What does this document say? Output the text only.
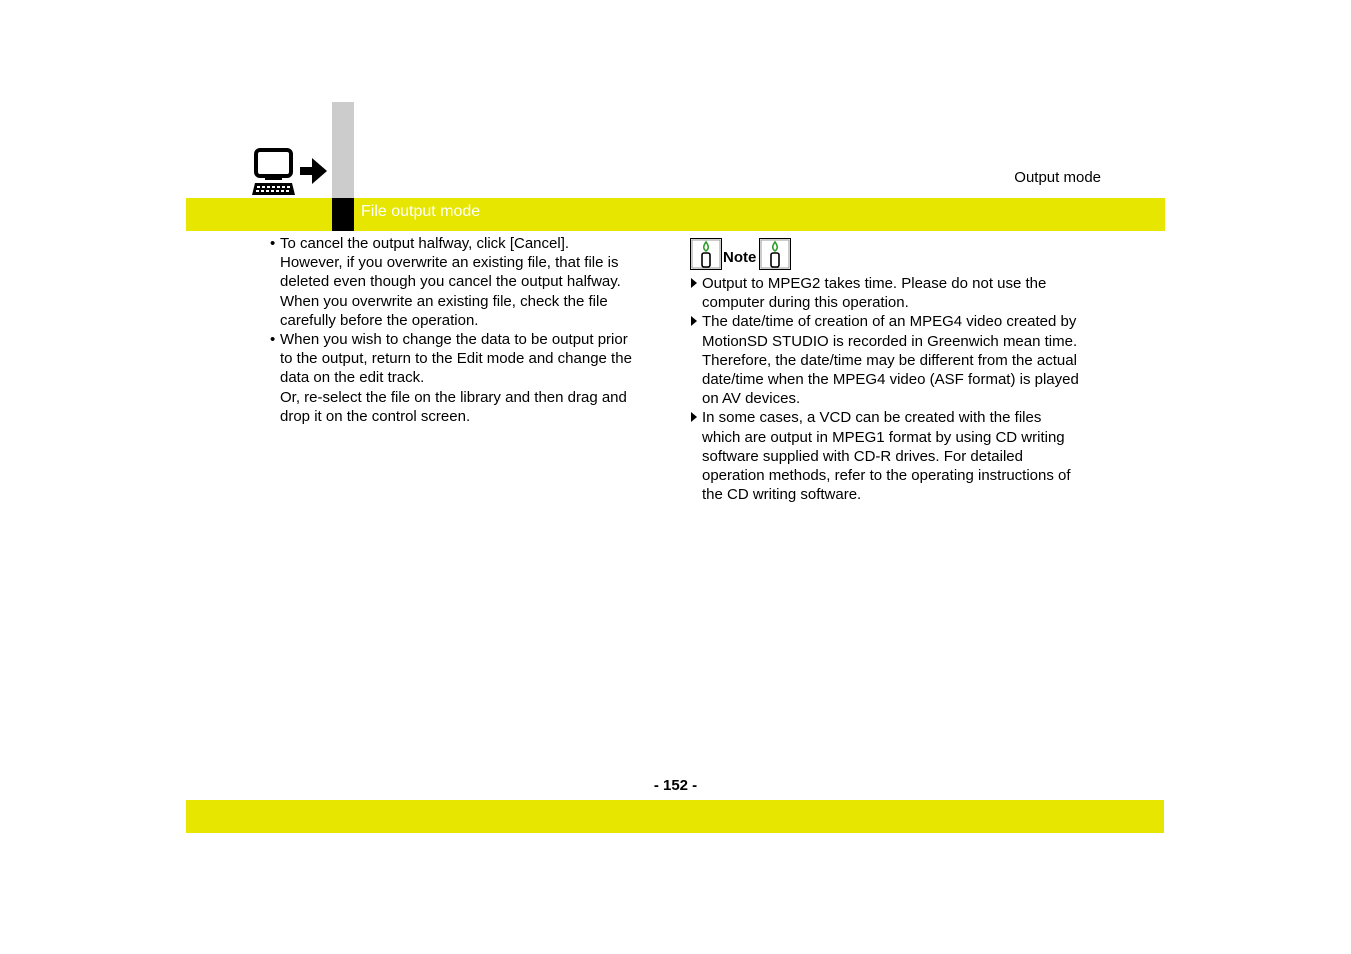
Output mode
File output mode
• To cancel the output halfway, click [Cancel].
However, if you overwrite an existing file, that file is
deleted even though you cancel the output halfway.
When you overwrite an existing file, check the file
carefully before the operation.
• When you wish to change the data to be output prior
to the output, return to the Edit mode and change the
data on the edit track.
Or, re-select the file on the library and then drag and
drop it on the control screen.
Note
Output to MPEG2 takes time. Please do not use the
computer during this operation.
The date/time of creation of an MPEG4 video created by
MotionSD STUDIO is recorded in Greenwich mean time.
Therefore, the date/time may be different from the actual
date/time when the MPEG4 video (ASF format) is played
on AV devices.
In some cases, a VCD can be created with the files
which are output in MPEG1 format by using CD writing
software supplied with CD-R drives. For detailed
operation methods, refer to the operating instructions of
the CD writing software.
- 152 -
